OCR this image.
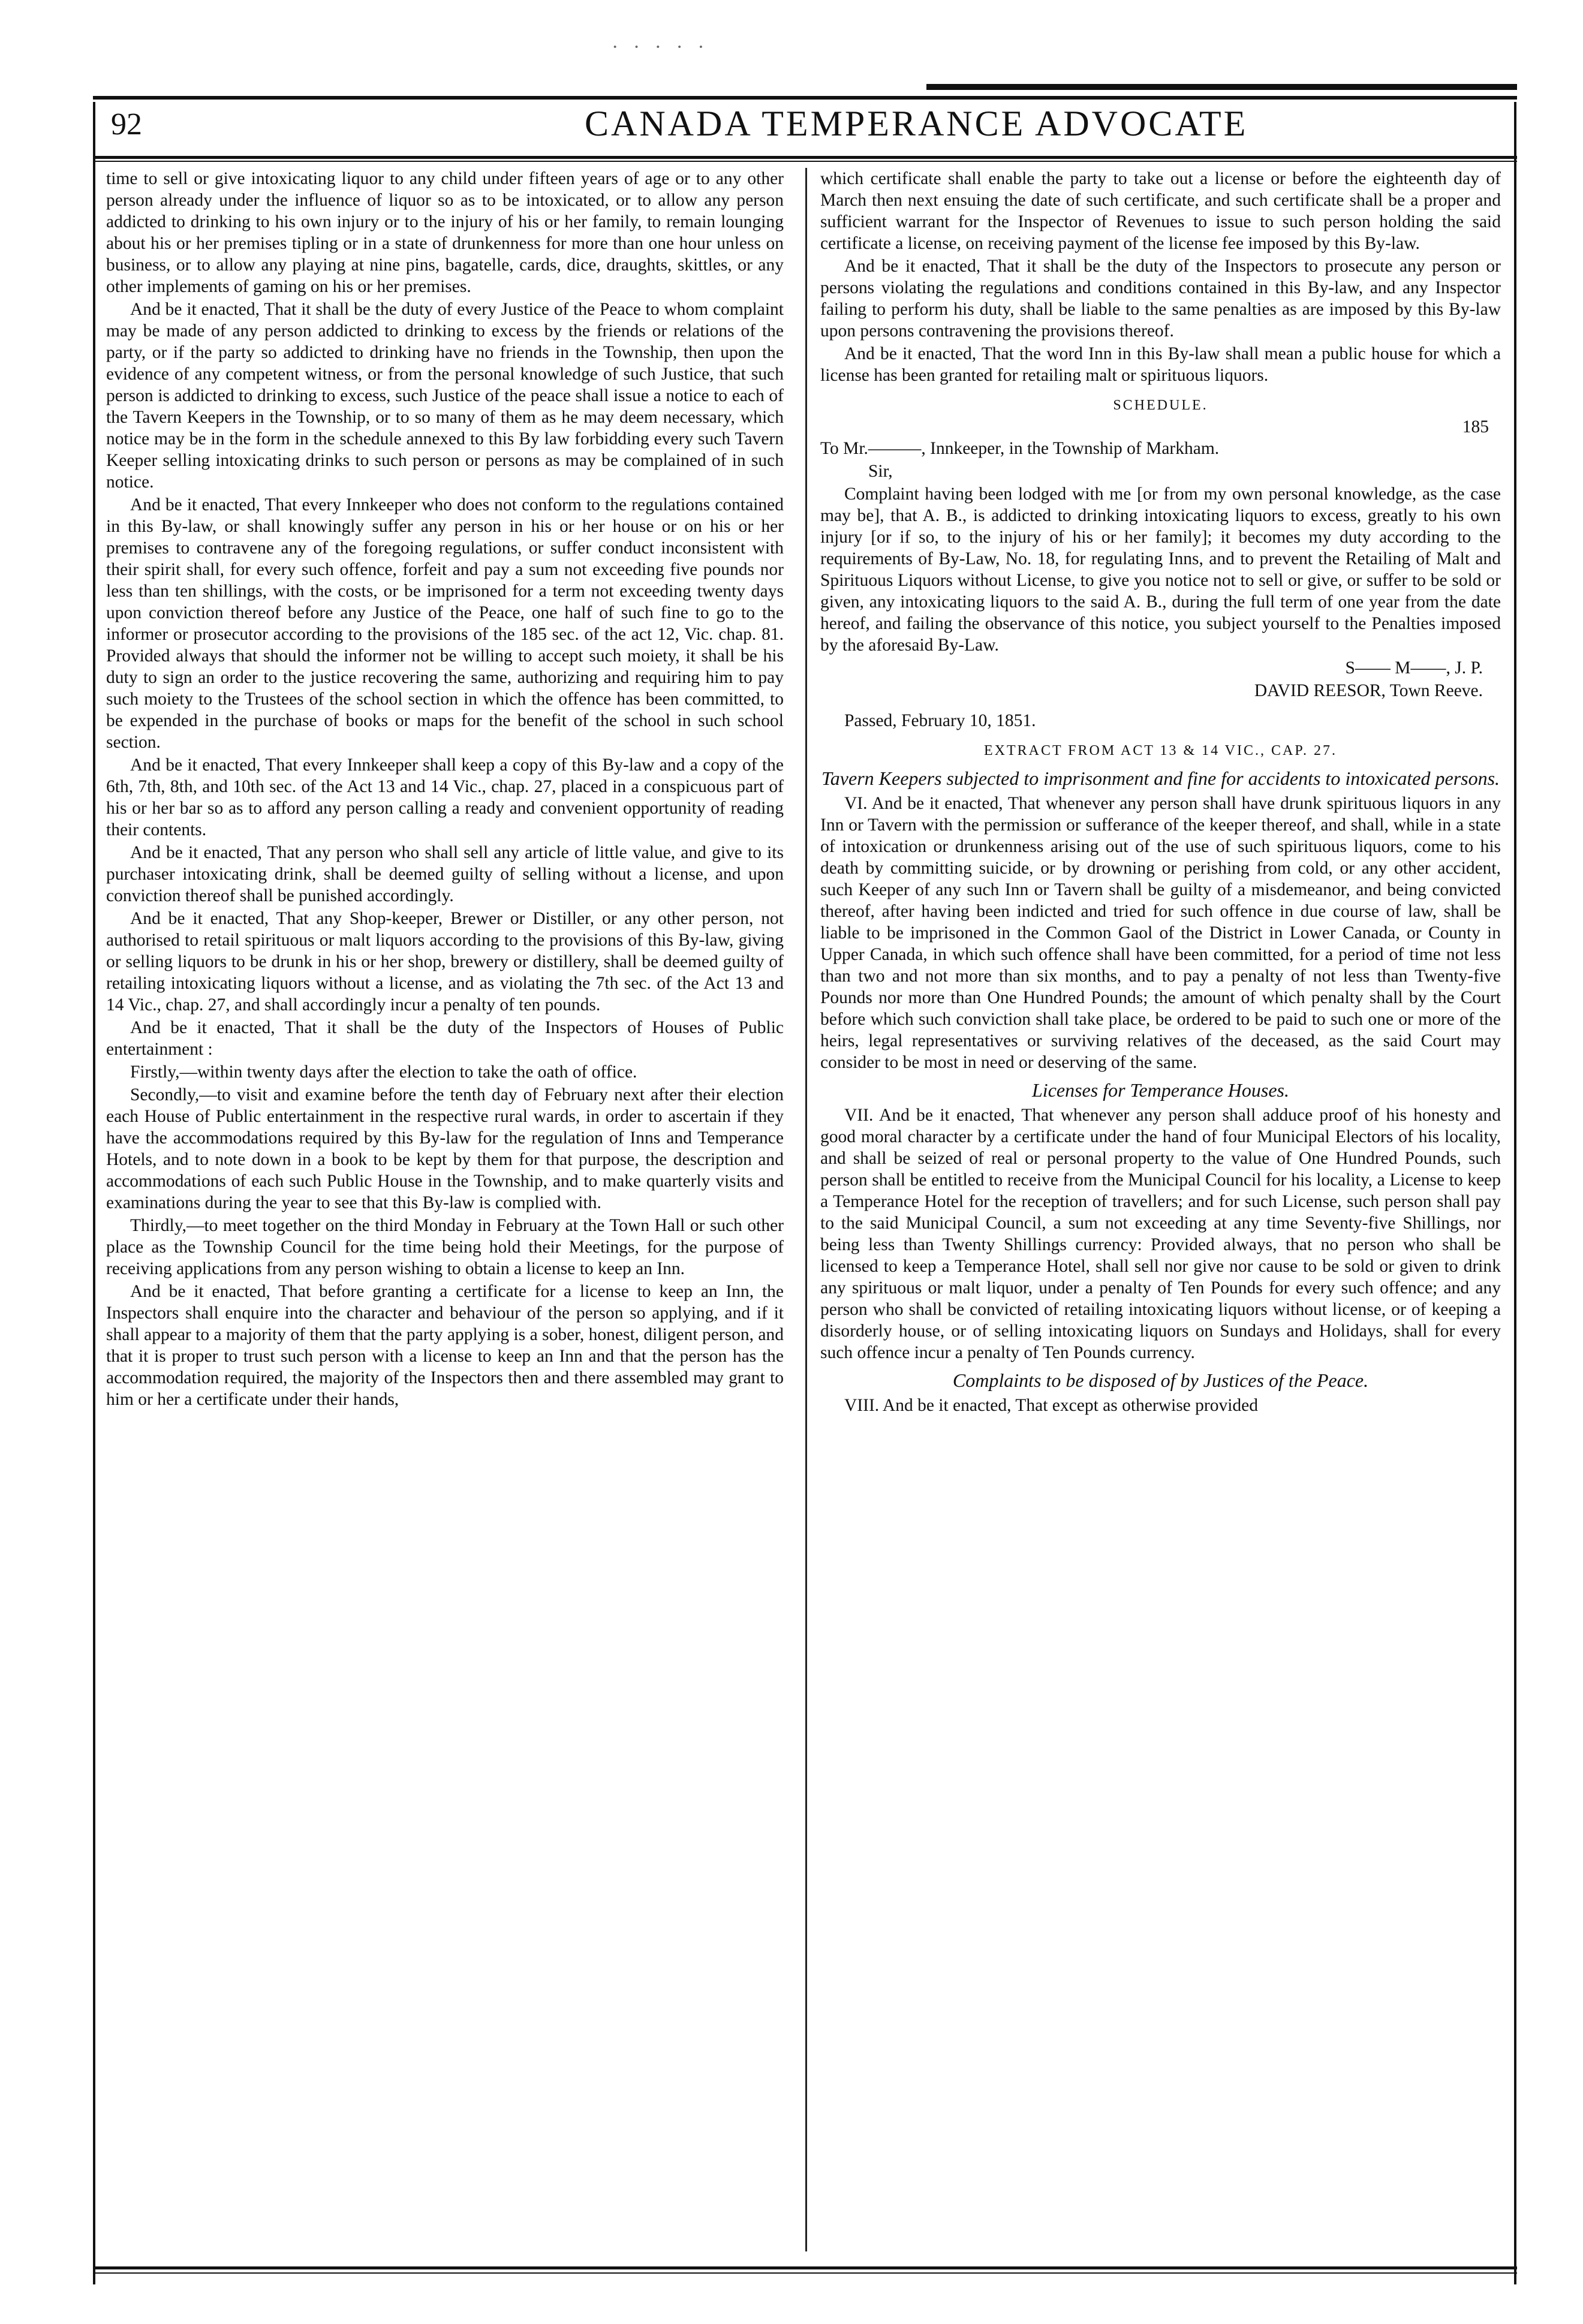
· · · · ·
92	CANADA TEMPERANCE ADVOCATE

time to sell or give intoxicating liquor to any child under fifteen years of age or to any other person already under the influence of liquor so as to be intoxicated, or to allow any person addicted to drinking to his own injury or to the injury of his or her family, to remain lounging about his or her premises tipling or in a state of drunkenness for more than one hour unless on business, or to allow any playing at nine pins, bagatelle, cards, dice, draughts, skittles, or any other implements of gaming on his or her premises.

And be it enacted, That it shall be the duty of every Justice of the Peace to whom complaint may be made of any person addicted to drinking to excess by the friends or relations of the party, or if the party so addicted to drinking have no friends in the Township, then upon the evidence of any competent witness, or from the personal knowledge of such Justice, that such person is addicted to drinking to excess, such Justice of the peace shall issue a notice to each of the Tavern Keepers in the Township, or to so many of them as he may deem necessary, which notice may be in the form in the schedule annexed to this By law forbidding every such Tavern Keeper selling intoxicating drinks to such person or persons as may be complained of in such notice.

And be it enacted, That every Innkeeper who does not conform to the regulations contained in this By-law, or shall knowingly suffer any person in his or her house or on his or her premises to contravene any of the foregoing regulations, or suffer conduct inconsistent with their spirit shall, for every such offence, forfeit and pay a sum not exceeding five pounds nor less than ten shillings, with the costs, or be imprisoned for a term not exceeding twenty days upon conviction thereof before any Justice of the Peace, one half of such fine to go to the informer or prosecutor according to the provisions of the 185 sec. of the act 12, Vic. chap. 81. Provided always that should the informer not be willing to accept such moiety, it shall be his duty to sign an order to the justice recovering the same, authorizing and requiring him to pay such moiety to the Trustees of the school section in which the offence has been committed, to be expended in the purchase of books or maps for the benefit of the school in such school section.

And be it enacted, That every Innkeeper shall keep a copy of this By-law and a copy of the 6th, 7th, 8th, and 10th sec. of the Act 13 and 14 Vic., chap. 27, placed in a conspicuous part of his or her bar so as to afford any person calling a ready and convenient opportunity of reading their contents.

And be it enacted, That any person who shall sell any article of little value, and give to its purchaser intoxicating drink, shall be deemed guilty of selling without a license, and upon conviction thereof shall be punished accordingly.

And be it enacted, That any Shop-keeper, Brewer or Distiller, or any other person, not authorised to retail spirituous or malt liquors according to the provisions of this By-law, giving or selling liquors to be drunk in his or her shop, brewery or distillery, shall be deemed guilty of retailing intoxicating liquors without a license, and as violating the 7th sec. of the Act 13 and 14 Vic., chap. 27, and shall accordingly incur a penalty of ten pounds.

And be it enacted, That it shall be the duty of the Inspectors of Houses of Public entertainment :

Firstly,—within twenty days after the election to take the oath of office.

Secondly,—to visit and examine before the tenth day of February next after their election each House of Public entertainment in the respective rural wards, in order to ascertain if they have the accommodations required by this By-law for the regulation of Inns and Temperance Hotels, and to note down in a book to be kept by them for that purpose, the description and accommodations of each such Public House in the Township, and to make quarterly visits and examinations during the year to see that this By-law is complied with.

Thirdly,—to meet together on the third Monday in February at the Town Hall or such other place as the Township Council for the time being hold their Meetings, for the purpose of receiving applications from any person wishing to obtain a license to keep an Inn.

And be it enacted, That before granting a certificate for a license to keep an Inn, the Inspectors shall enquire into the character and behaviour of the person so applying, and if it shall appear to a majority of them that the party applying is a sober, honest, diligent person, and that it is proper to trust such person with a license to keep an Inn and that the person has the accommodation required, the majority of the Inspectors then and there assembled may grant to him or her a certificate under their hands,

which certificate shall enable the party to take out a license or before the eighteenth day of March then next ensuing the date of such certificate, and such certificate shall be a proper and sufficient warrant for the Inspector of Revenues to issue to such person holding the said certificate a license, on receiving payment of the license fee imposed by this By-law.

And be it enacted, That it shall be the duty of the Inspectors to prosecute any person or persons violating the regulations and conditions contained in this By-law, and any Inspector failing to perform his duty, shall be liable to the same penalties as are imposed by this By-law upon persons contravening the provisions thereof.

And be it enacted, That the word Inn in this By-law shall mean a public house for which a license has been granted for retailing malt or spirituous liquors.

SCHEDULE.

185

To Mr.———, Innkeeper, in the Township of Markham.

Sir,

Complaint having been lodged with me [or from my own personal knowledge, as the case may be], that A. B., is addicted to drinking intoxicating liquors to excess, greatly to his own injury [or if so, to the injury of his or her family]; it becomes my duty according to the requirements of By-Law, No. 18, for regulating Inns, and to prevent the Retailing of Malt and Spirituous Liquors without License, to give you notice not to sell or give, or suffer to be sold or given, any intoxicating liquors to the said A. B., during the full term of one year from the date hereof, and failing the observance of this notice, you subject yourself to the Penalties imposed by the aforesaid By-Law.

S—— M——, J. P.

DAVID REESOR, Town Reeve.

Passed, February 10, 1851.

EXTRACT FROM ACT 13 & 14 VIC., CAP. 27.

Tavern Keepers subjected to imprisonment and fine for accidents to intoxicated persons.

VI. And be it enacted, That whenever any person shall have drunk spirituous liquors in any Inn or Tavern with the permission or sufferance of the keeper thereof, and shall, while in a state of intoxication or drunkenness arising out of the use of such spirituous liquors, come to his death by committing suicide, or by drowning or perishing from cold, or any other accident, such Keeper of any such Inn or Tavern shall be guilty of a misdemeanor, and being convicted thereof, after having been indicted and tried for such offence in due course of law, shall be liable to be imprisoned in the Common Gaol of the District in Lower Canada, or County in Upper Canada, in which such offence shall have been committed, for a period of time not less than two and not more than six months, and to pay a penalty of not less than Twenty-five Pounds nor more than One Hundred Pounds; the amount of which penalty shall by the Court before which such conviction shall take place, be ordered to be paid to such one or more of the heirs, legal representatives or surviving relatives of the deceased, as the said Court may consider to be most in need or deserving of the same.

Licenses for Temperance Houses.

VII. And be it enacted, That whenever any person shall adduce proof of his honesty and good moral character by a certificate under the hand of four Municipal Electors of his locality, and shall be seized of real or personal property to the value of One Hundred Pounds, such person shall be entitled to receive from the Municipal Council for his locality, a License to keep a Temperance Hotel for the reception of travellers; and for such License, such person shall pay to the said Municipal Council, a sum not exceeding at any time Seventy-five Shillings, nor being less than Twenty Shillings currency: Provided always, that no person who shall be licensed to keep a Temperance Hotel, shall sell nor give nor cause to be sold or given to drink any spirituous or malt liquor, under a penalty of Ten Pounds for every such offence; and any person who shall be convicted of retailing intoxicating liquors without license, or of keeping a disorderly house, or of selling intoxicating liquors on Sundays and Holidays, shall for every such offence incur a penalty of Ten Pounds currency.

Complaints to be disposed of by Justices of the Peace.

VIII. And be it enacted, That except as otherwise provided
